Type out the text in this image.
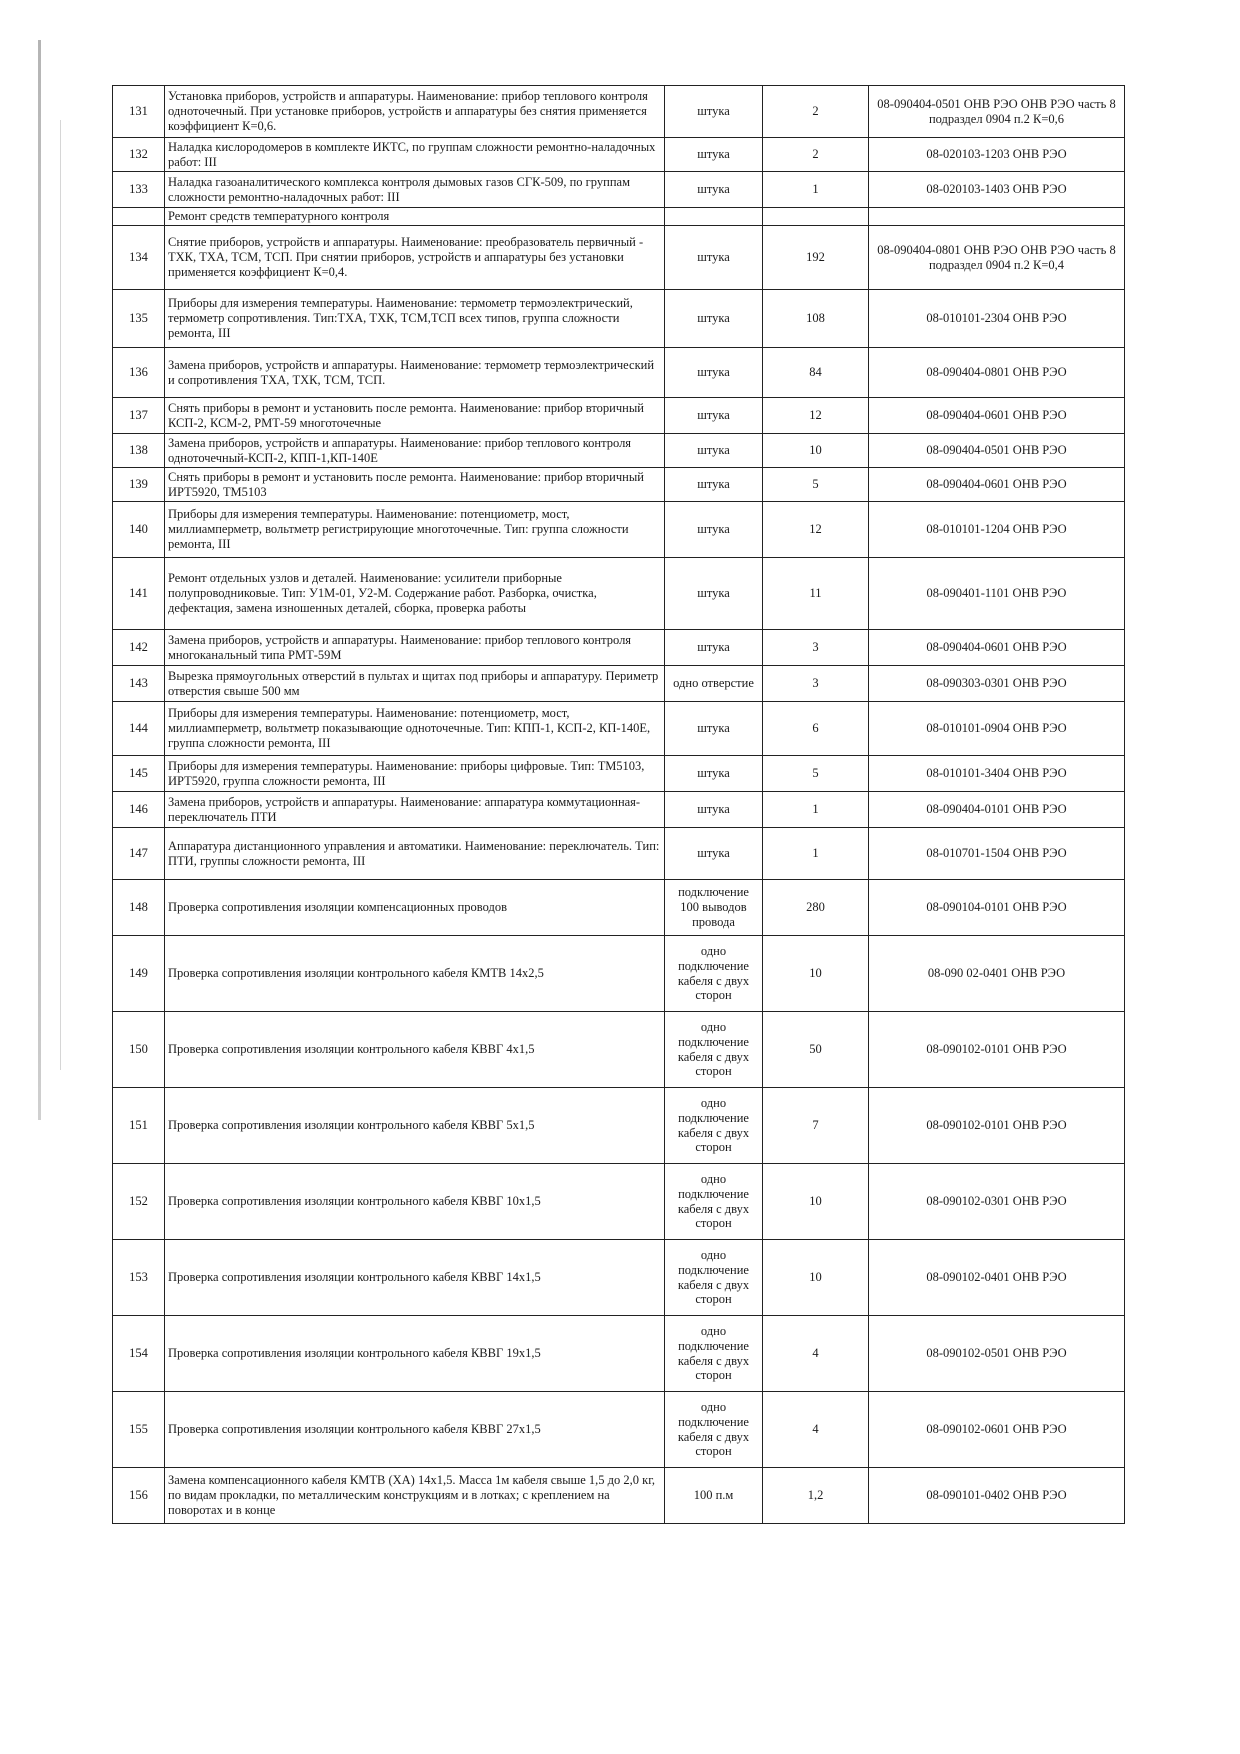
131	Установка приборов, устройств и аппаратуры. Наименование: прибор теплового контроля одноточечный. При установке приборов, устройств и аппаратуры без снятия применяется коэффициент К=0,6.	штука	2	08-090404-0501 ОНВ РЭО ОНВ РЭО часть 8 подраздел 0904 п.2 К=0,6
132	Наладка кислородомеров в комплекте ИКТС, по группам сложности ремонтно-наладочных работ: III	штука	2	08-020103-1203 ОНВ РЭО
133	Наладка газоаналитического комплекса контроля дымовых газов СГК-509, по группам сложности ремонтно-наладочных работ: III	штука	1	08-020103-1403 ОНВ РЭО
	Ремонт средств температурного контроля			
134	Снятие приборов, устройств и аппаратуры. Наименование: преобразователь первичный - ТХК, ТХА, ТСМ, ТСП. При снятии приборов, устройств и аппаратуры без установки применяется коэффициент К=0,4.	штука	192	08-090404-0801 ОНВ РЭО ОНВ РЭО часть 8 подраздел 0904 п.2 К=0,4
135	Приборы для измерения температуры. Наименование: термометр термоэлектрический, термометр сопротивления. Тип:ТХА, ТХК, ТСМ,ТСП всех типов, группа сложности ремонта, III	штука	108	08-010101-2304 ОНВ РЭО
136	Замена приборов, устройств и аппаратуры. Наименование: термометр термоэлектрический и сопротивления ТХА, ТХК, ТСМ, ТСП.	штука	84	08-090404-0801 ОНВ РЭО
137	Снять приборы в ремонт и установить после ремонта. Наименование: прибор вторичный КСП-2, КСМ-2, РМТ-59 многоточечные	штука	12	08-090404-0601 ОНВ РЭО
138	Замена приборов, устройств и аппаратуры. Наименование: прибор теплового контроля одноточечный-КСП-2, КПП-1,КП-140Е	штука	10	08-090404-0501 ОНВ РЭО
139	Снять приборы в ремонт и установить после ремонта. Наименование: прибор вторичный ИРТ5920, ТМ5103	штука	5	08-090404-0601 ОНВ РЭО
140	Приборы для измерения температуры. Наименование: потенциометр, мост, миллиамперметр, вольтметр регистрирующие многоточечные. Тип: группа сложности ремонта, III	штука	12	08-010101-1204 ОНВ РЭО
141	Ремонт отдельных узлов и деталей. Наименование: усилители приборные полупроводниковые. Тип: У1М-01, У2-М. Содержание работ. Разборка, очистка, дефектация, замена изношенных деталей, сборка, проверка работы	штука	11	08-090401-1101 ОНВ РЭО
142	Замена приборов, устройств и аппаратуры. Наименование: прибор теплового контроля многоканальный типа РМТ-59М	штука	3	08-090404-0601 ОНВ РЭО
143	Вырезка прямоугольных отверстий в пультах и щитах под приборы и аппаратуру. Периметр отверстия свыше 500 мм	одно отверстие	3	08-090303-0301 ОНВ РЭО
144	Приборы для измерения температуры. Наименование: потенциометр, мост, миллиамперметр, вольтметр показывающие одноточечные. Тип: КПП-1, КСП-2, КП-140Е, группа сложности ремонта, III	штука	6	08-010101-0904 ОНВ РЭО
145	Приборы для измерения температуры. Наименование: приборы цифровые. Тип: ТМ5103, ИРТ5920, группа сложности ремонта, III	штука	5	08-010101-3404 ОНВ РЭО
146	Замена приборов, устройств и аппаратуры. Наименование: аппаратура коммутационная- переключатель ПТИ	штука	1	08-090404-0101 ОНВ РЭО
147	Аппаратура дистанционного управления и автоматики. Наименование: переключатель. Тип: ПТИ, группы сложности ремонта, III	штука	1	08-010701-1504 ОНВ РЭО
148	Проверка сопротивления изоляции компенсационных проводов	подключение 100 выводов провода	280	08-090104-0101 ОНВ РЭО
149	Проверка сопротивления изоляции контрольного кабеля КМТВ 14х2,5	одно подключение кабеля с двух сторон	10	08-090 02-0401 ОНВ РЭО
150	Проверка сопротивления изоляции контрольного кабеля КВВГ 4х1,5	одно подключение кабеля с двух сторон	50	08-090102-0101 ОНВ РЭО
151	Проверка сопротивления изоляции контрольного кабеля КВВГ 5х1,5	одно подключение кабеля с двух сторон	7	08-090102-0101 ОНВ РЭО
152	Проверка сопротивления изоляции контрольного кабеля КВВГ 10х1,5	одно подключение кабеля с двух сторон	10	08-090102-0301 ОНВ РЭО
153	Проверка сопротивления изоляции контрольного кабеля КВВГ 14х1,5	одно подключение кабеля с двух сторон	10	08-090102-0401 ОНВ РЭО
154	Проверка сопротивления изоляции контрольного кабеля КВВГ 19х1,5	одно подключение кабеля с двух сторон	4	08-090102-0501 ОНВ РЭО
155	Проверка сопротивления изоляции контрольного кабеля КВВГ 27х1,5	одно подключение кабеля с двух сторон	4	08-090102-0601 ОНВ РЭО
156	Замена компенсационного кабеля КМТВ (ХА) 14х1,5. Масса 1м кабеля свыше 1,5 до 2,0 кг, по видам прокладки, по металлическим конструкциям и в лотках; с креплением на поворотах и в конце	100 п.м	1,2	08-090101-0402 ОНВ РЭО
